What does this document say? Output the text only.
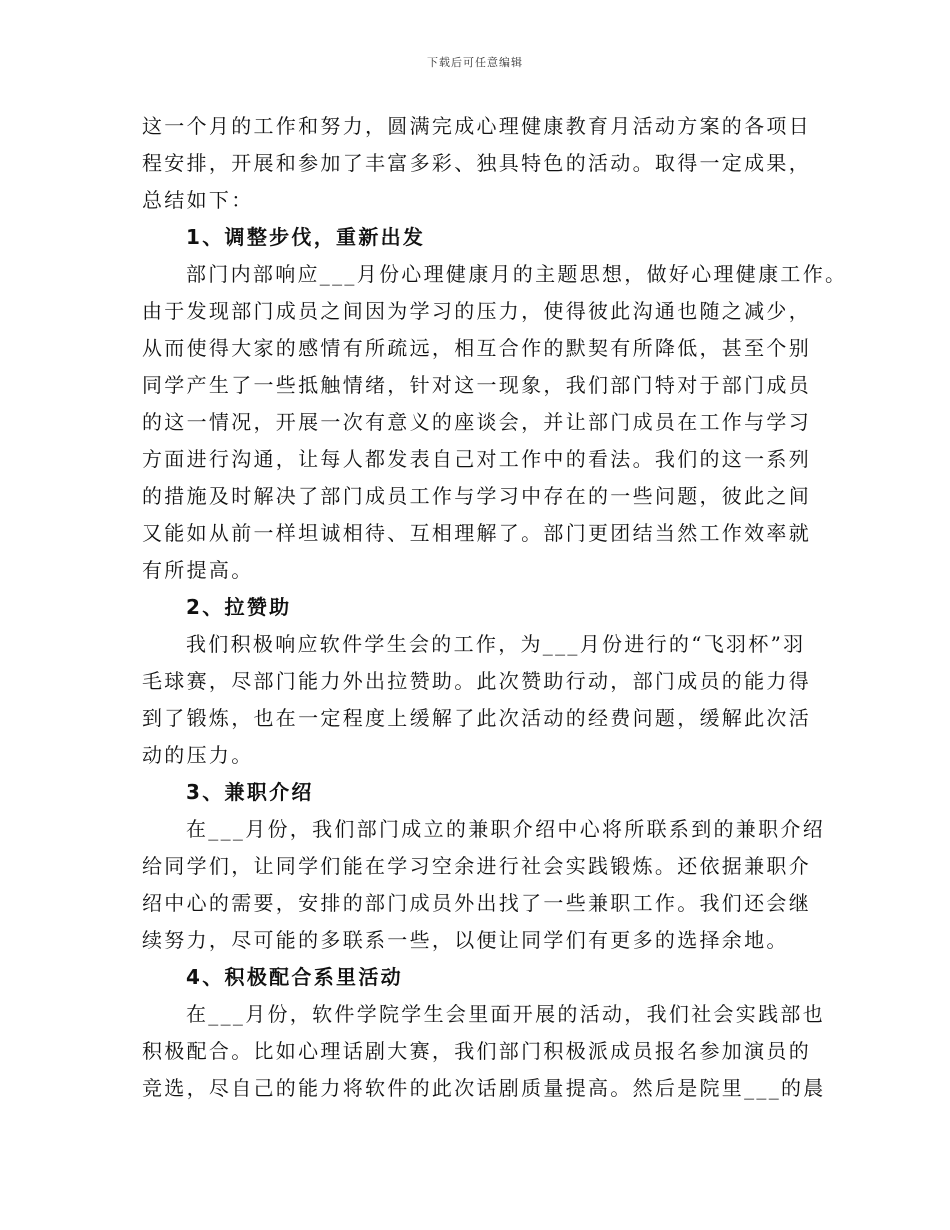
下载后可任意编辑
这一个月的工作和努力，圆满完成心理健康教育月活动方案的各项日
程安排，开展和参加了丰富多彩、独具特色的活动。取得一定成果，
总结如下：
1、调整步伐，重新出发
部门内部响应___月份心理健康月的主题思想，做好心理健康工作。
由于发现部门成员之间因为学习的压力，使得彼此沟通也随之减少，
从而使得大家的感情有所疏远，相互合作的默契有所降低，甚至个别
同学产生了一些抵触情绪，针对这一现象，我们部门特对于部门成员
的这一情况，开展一次有意义的座谈会，并让部门成员在工作与学习
方面进行沟通，让每人都发表自己对工作中的看法。我们的这一系列
的措施及时解决了部门成员工作与学习中存在的一些问题，彼此之间
又能如从前一样坦诚相待、互相理解了。部门更团结当然工作效率就
有所提高。
2、拉赞助
我们积极响应软件学生会的工作，为___月份进行的“飞羽杯”羽
毛球赛，尽部门能力外出拉赞助。此次赞助行动，部门成员的能力得
到了锻炼，也在一定程度上缓解了此次活动的经费问题，缓解此次活
动的压力。
3、兼职介绍
在___月份，我们部门成立的兼职介绍中心将所联系到的兼职介绍
给同学们，让同学们能在学习空余进行社会实践锻炼。还依据兼职介
绍中心的需要，安排的部门成员外出找了一些兼职工作。我们还会继
续努力，尽可能的多联系一些，以便让同学们有更多的选择余地。
4、积极配合系里活动
在___月份，软件学院学生会里面开展的活动，我们社会实践部也
积极配合。比如心理话剧大赛，我们部门积极派成员报名参加演员的
竞选，尽自己的能力将软件的此次话剧质量提高。然后是院里___的晨
